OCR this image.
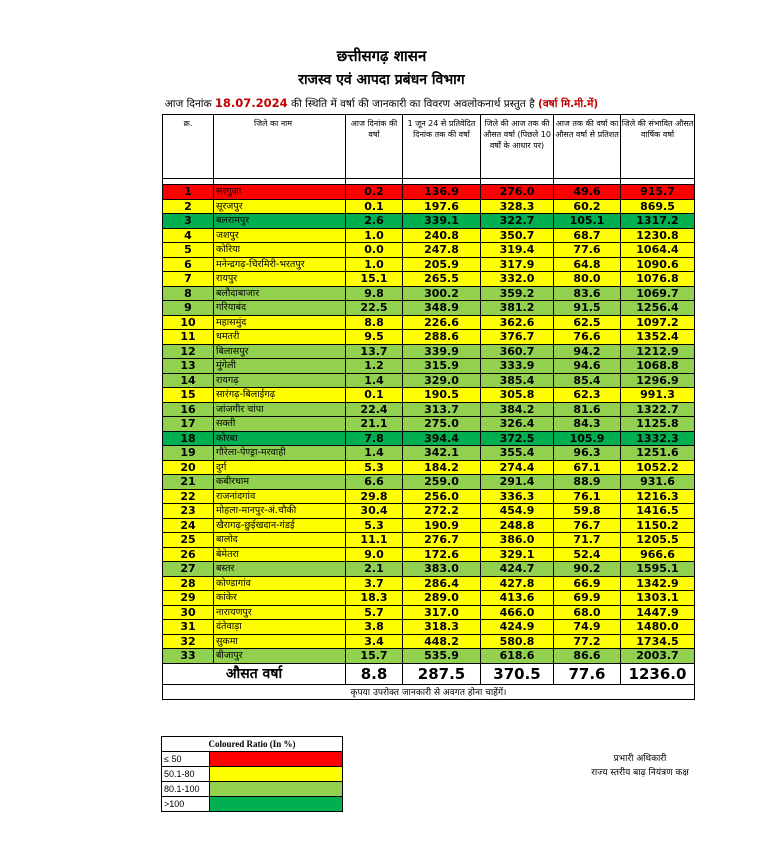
छत्तीसगढ़ शासन
राजस्व एवं आपदा प्रबंधन विभाग
आज दिनांक 18.07.2024 की स्थिति में वर्षा की जानकारी का विवरण अवलोकनार्थ प्रस्तुत है (वर्षा मि.मी.में)
क्र.	जिले का नाम	आज दिनांक की वर्षा	1 जून 24 से प्रतिवेदित दिनांक तक की वर्षा	जिले की आज तक की औसत वर्षा (पिछले 10 वर्षों के आधार पर)	आज तक की वर्षा का औसत वर्षा से प्रतिशत	जिले की संभावित औसत वार्षिक वर्षा

1	सरगुजा	0.2	136.9	276.0	49.6	915.7
2	सूरजपुर	0.1	197.6	328.3	60.2	869.5
3	बलरामपुर	2.6	339.1	322.7	105.1	1317.2
4	जशपुर	1.0	240.8	350.7	68.7	1230.8
5	कोरिया	0.0	247.8	319.4	77.6	1064.4
6	मनेन्द्रगढ़-चिरमिरी-भरतपुर	1.0	205.9	317.9	64.8	1090.6
7	रायपुर	15.1	265.5	332.0	80.0	1076.8
8	बलौदाबाजार	9.8	300.2	359.2	83.6	1069.7
9	गरियाबंद	22.5	348.9	381.2	91.5	1256.4
10	महासमुंद	8.8	226.6	362.6	62.5	1097.2
11	धमतरी	9.5	288.6	376.7	76.6	1352.4
12	बिलासपुर	13.7	339.9	360.7	94.2	1212.9
13	मुंगेली	1.2	315.9	333.9	94.6	1068.8
14	रायगढ़	1.4	329.0	385.4	85.4	1296.9
15	सारंगढ़-बिलाईगढ़	0.1	190.5	305.8	62.3	991.3
16	जांजगीर चांपा	22.4	313.7	384.2	81.6	1322.7
17	सक्ती	21.1	275.0	326.4	84.3	1125.8
18	कोरबा	7.8	394.4	372.5	105.9	1332.3
19	गौरेला-पेण्ड्रा-मरवाही	1.4	342.1	355.4	96.3	1251.6
20	दुर्ग	5.3	184.2	274.4	67.1	1052.2
21	कबीरधाम	6.6	259.0	291.4	88.9	931.6
22	राजनांदगांव	29.8	256.0	336.3	76.1	1216.3
23	मोहला-मानपुर-अं.चौकी	30.4	272.2	454.9	59.8	1416.5
24	खैरागढ़-छुईखदान-गंडई	5.3	190.9	248.8	76.7	1150.2
25	बालोद	11.1	276.7	386.0	71.7	1205.5
26	बेमेतरा	9.0	172.6	329.1	52.4	966.6
27	बस्तर	2.1	383.0	424.7	90.2	1595.1
28	कोण्डागांव	3.7	286.4	427.8	66.9	1342.9
29	कांकेर	18.3	289.0	413.6	69.9	1303.1
30	नारायणपुर	5.7	317.0	466.0	68.0	1447.9
31	दंतेवाड़ा	3.8	318.3	424.9	74.9	1480.0
32	सुकमा	3.4	448.2	580.8	77.2	1734.5
33	बीजापुर	15.7	535.9	618.6	86.6	2003.7
औसत वर्षा		8.8	287.5	370.5	77.6	1236.0
कृपया उपरोक्त जानकारी से अवगत होना चाहेंगें।						
Coloured Ratio (In %)	
≤ 50	
50.1-80	
80.1-100	
>100	
प्रभारी अधिकारी
राज्य स्तरीय बाढ़ नियंत्रण कक्ष
